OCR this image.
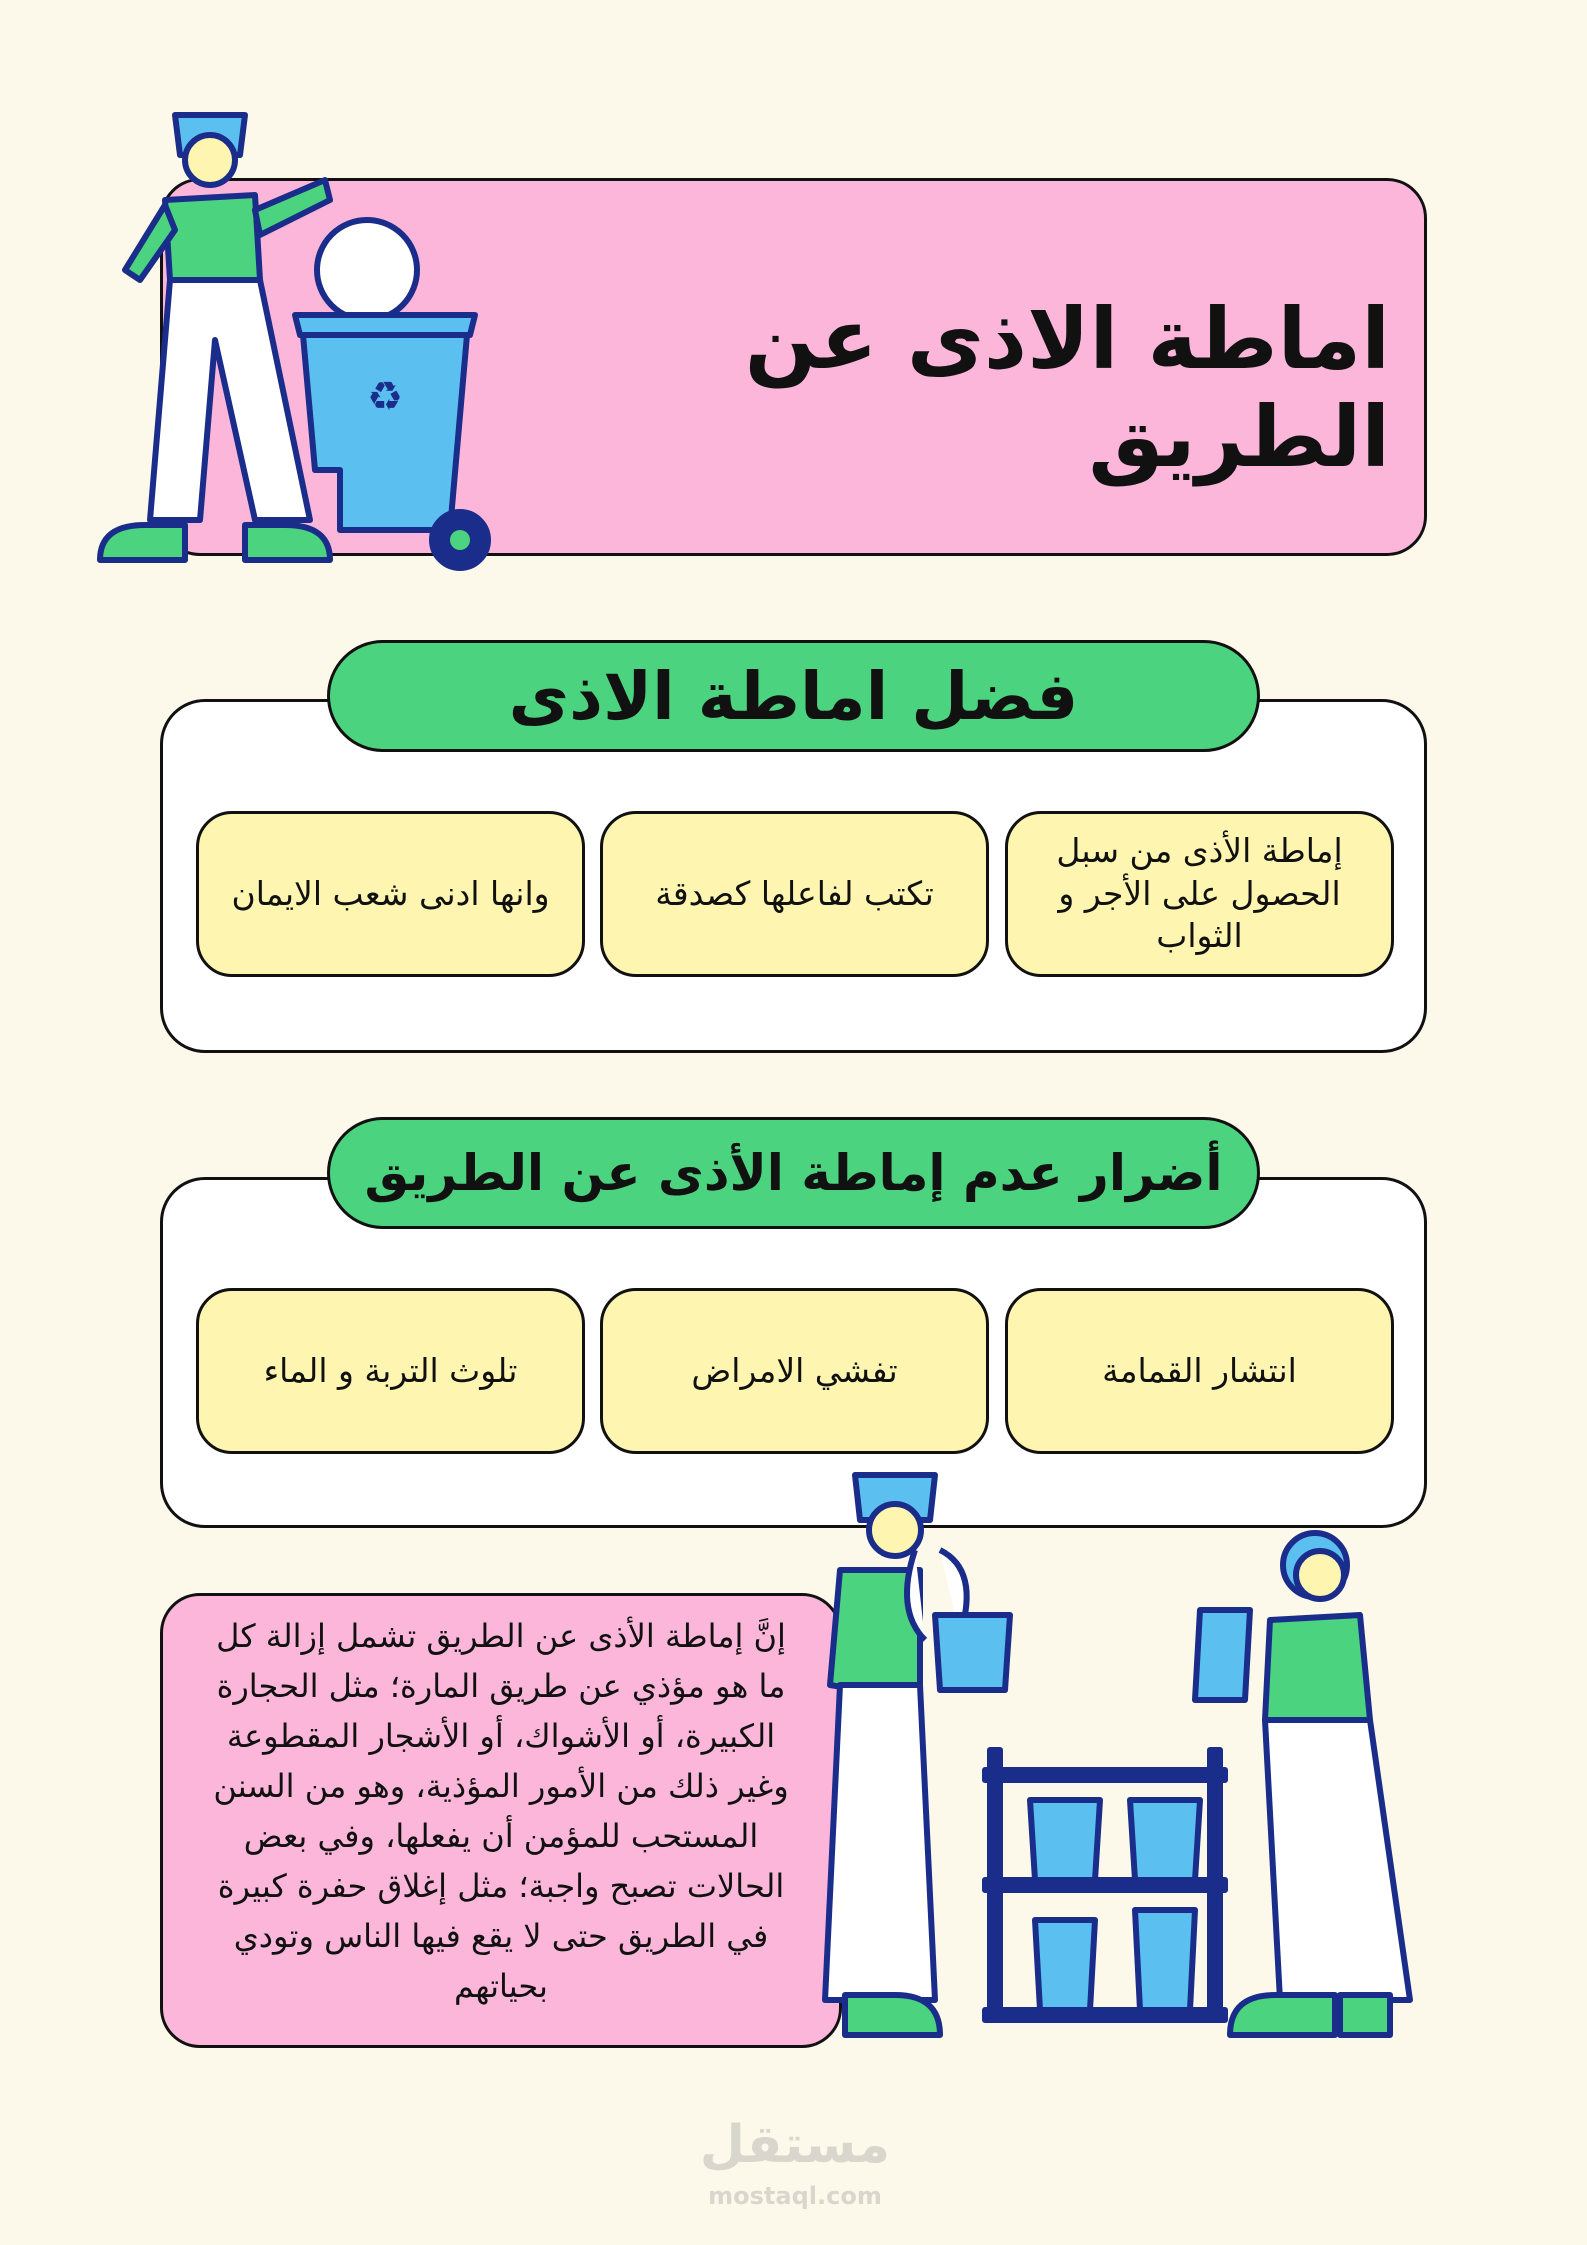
اماطة الاذى عن الطريق
♻
فضل اماطة الاذى
إماطة الأذى من سبل الحصول على الأجر و الثواب
تكتب لفاعلها كصدقة
وانها ادنى شعب الايمان
أضرار عدم إماطة الأذى عن الطريق
انتشار القمامة
تفشي الامراض
تلوث التربة و الماء
إنَّ إماطة الأذى عن الطريق تشمل إزالة كل ما هو مؤذي عن طريق المارة؛ مثل الحجارة الكبيرة، أو الأشواك، أو الأشجار المقطوعة وغير ذلك من الأمور المؤذية، وهو من السنن المستحب للمؤمن أن يفعلها، وفي بعض الحالات تصبح واجبة؛ مثل إغلاق حفرة كبيرة في الطريق حتى لا يقع فيها الناس وتودي بحياتهم
مستقل
mostaql.com
